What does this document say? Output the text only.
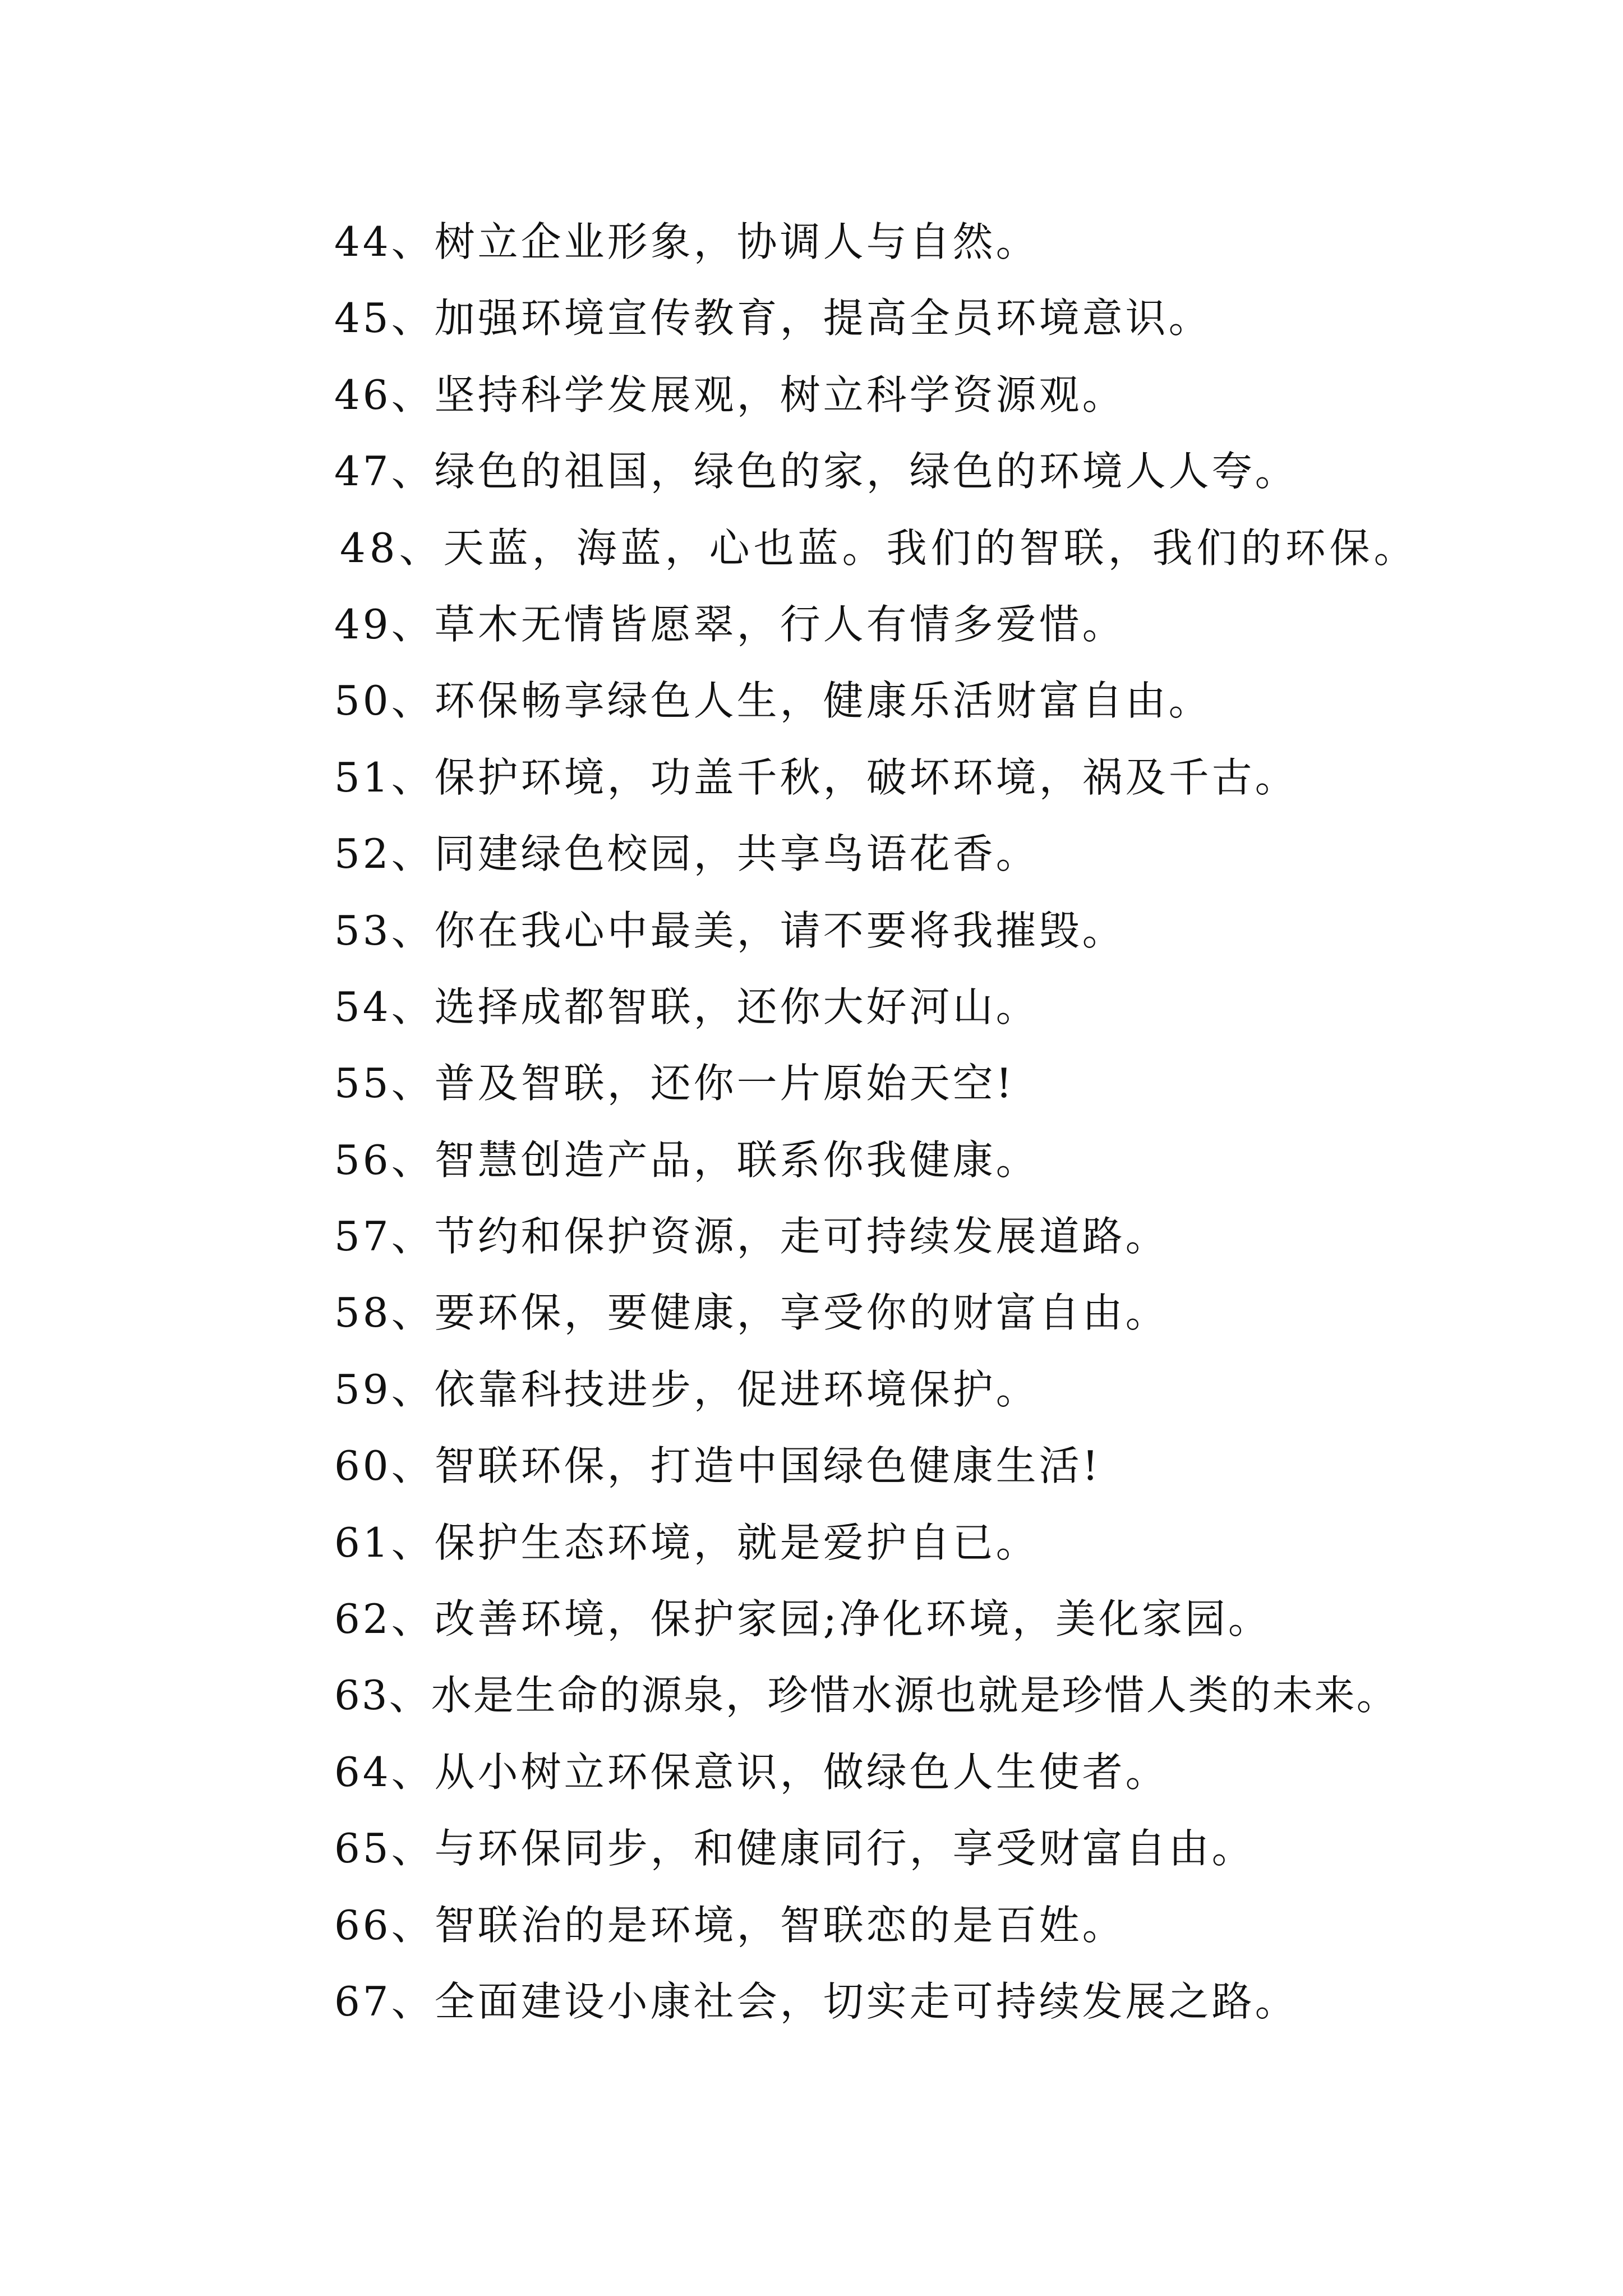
44、树立企业形象，协调人与自然。
45、加强环境宣传教育，提高全员环境意识。
46、坚持科学发展观，树立科学资源观。
47、绿色的祖国，绿色的家，绿色的环境人人夸。
48、天蓝，海蓝，心也蓝。我们的智联，我们的环保。
49、草木无情皆愿翠，行人有情多爱惜。
50、环保畅享绿色人生，健康乐活财富自由。
51、保护环境，功盖千秋，破坏环境，祸及千古。
52、同建绿色校园，共享鸟语花香。
53、你在我心中最美，请不要将我摧毁。
54、选择成都智联，还你大好河山。
55、普及智联，还你一片原始天空!
56、智慧创造产品，联系你我健康。
57、节约和保护资源，走可持续发展道路。
58、要环保，要健康，享受你的财富自由。
59、依靠科技进步，促进环境保护。
60、智联环保，打造中国绿色健康生活!
61、保护生态环境，就是爱护自已。
62、改善环境，保护家园;净化环境，美化家园。
63、水是生命的源泉，珍惜水源也就是珍惜人类的未来。
64、从小树立环保意识，做绿色人生使者。
65、与环保同步，和健康同行，享受财富自由。
66、智联治的是环境，智联恋的是百姓。
67、全面建设小康社会，切实走可持续发展之路。
